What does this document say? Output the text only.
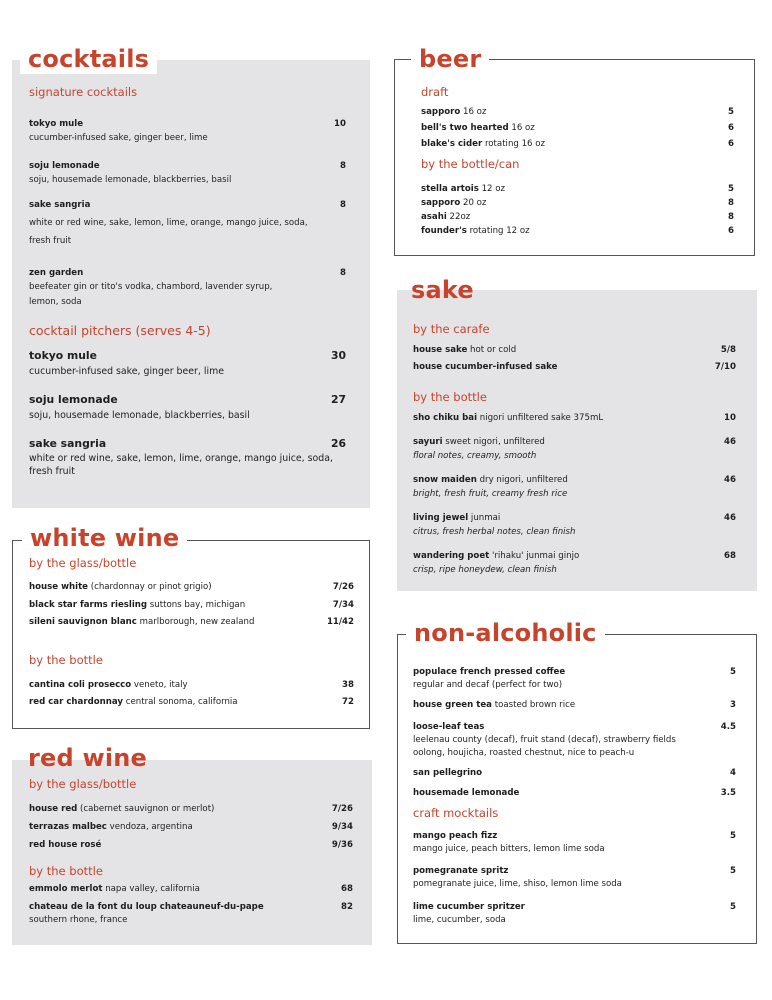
cocktails
signature cocktails
tokyo mule	10
cucumber-infused sake, ginger beer, lime
soju lemonade	8
soju, housemade lemonade, blackberries, basil
sake sangria	8
white or red wine, sake, lemon, lime, orange, mango juice, soda,
fresh fruit
zen garden	8
beefeater gin or tito's vodka, chambord, lavender syrup,
lemon, soda
cocktail pitchers (serves 4-5)
tokyo mule	30
cucumber-infused sake, ginger beer, lime
soju lemonade	27
soju, housemade lemonade, blackberries, basil
sake sangria	26
white or red wine, sake, lemon, lime, orange, mango juice, soda,
fresh fruit
white wine
by the glass/bottle
house white (chardonnay or pinot grigio)	7/26
black star farms riesling suttons bay, michigan	7/34
sileni sauvignon blanc marlborough, new zealand	11/42
by the bottle
cantina coli prosecco veneto, italy	38
red car chardonnay central sonoma, california	72
red wine
by the glass/bottle
house red (cabernet sauvignon or merlot)	7/26
terrazas malbec vendoza, argentina	9/34
red house rosé	9/36
by the bottle
emmolo merlot napa valley, california	68
chateau de la font du loup chateauneuf-du-pape	82
southern rhone, france
beer
draft
sapporo 16 oz	5
bell's two hearted 16 oz	6
blake's cider rotating 16 oz	6
by the bottle/can
stella artois 12 oz	5
sapporo 20 oz	8
asahi 22oz	8
founder's rotating 12 oz	6
sake
by the carafe
house sake hot or cold	5/8
house cucumber-infused sake	7/10
by the bottle
sho chiku bai nigori unfiltered sake 375mL	10
sayuri sweet nigori, unfiltered	46
floral notes, creamy, smooth
snow maiden dry nigori, unfiltered	46
bright, fresh fruit, creamy fresh rice
living jewel junmai	46
citrus, fresh herbal notes, clean finish
wandering poet 'rihaku' junmai ginjo	68
crisp, ripe honeydew, clean finish
non-alcoholic
populace french pressed coffee	5
regular and decaf (perfect for two)
house green tea toasted brown rice	3
loose-leaf teas	4.5
leelenau county (decaf), fruit stand (decaf), strawberry fields
oolong, houjicha, roasted chestnut, nice to peach-u
san pellegrino	4
housemade lemonade	3.5
craft mocktails
mango peach fizz	5
mango juice, peach bitters, lemon lime soda
pomegranate spritz	5
pomegranate juice, lime, shiso, lemon lime soda
lime cucumber spritzer	5
lime, cucumber, soda
